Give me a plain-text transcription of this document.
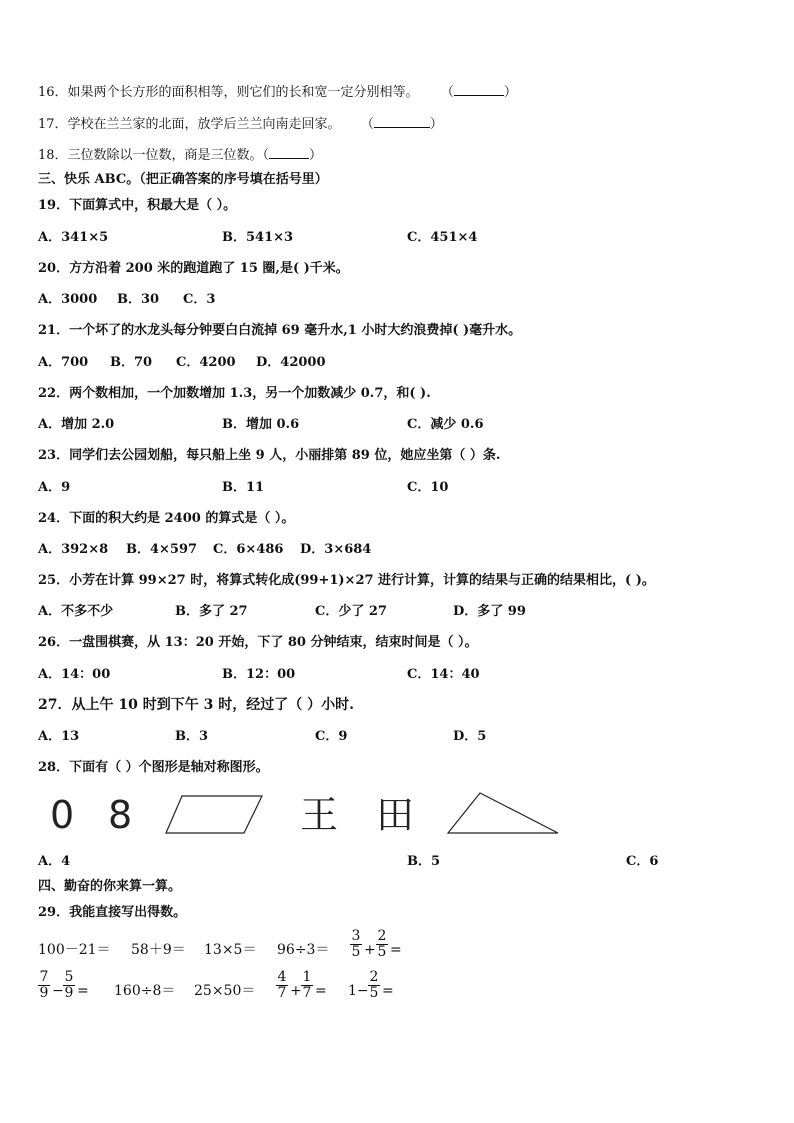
16．如果两个长方形的面积相等，则它们的长和宽一定分别相等。 （	）
17．学校在兰兰家的北面，放学后兰兰向南走回家。 （	）
18．三位数除以一位数，商是三位数。（	）
三、快乐 ABC。（把正确答案的序号填在括号里）
19．下面算式中，积最大是（ ）。
A．341×5	B．541×3	C．451×4
20．方方沿着 200 米的跑道跑了 15 圈,是( )千米。
A．3000 B．30 C．3
21．一个坏了的水龙头每分钟要白白流掉 69 毫升水,1 小时大约浪费掉( )毫升水。
A．700 B．70 C．4200 D．42000
22．两个数相加，一个加数增加 1.3，另一个加数减少 0.7，和( ).
A．增加 2.0	B．增加 0.6	C．减少 0.6
23．同学们去公园划船，每只船上坐 9 人，小丽排第 89 位，她应坐第（ ）条.
A．9	B．11	C．10
24．下面的积大约是 2400 的算式是（ ）。
A．392×8 B．4×597 C．6×486 D．3×684
25．小芳在计算 99×27 时，将算式转化成(99+1)×27 进行计算，计算的结果与正确的结果相比，( )。
A．不多不少	B．多了 27	C．少了 27	D．多了 99
26．一盘围棋赛，从 13：20 开始，下了 80 分钟结束，结束时间是（ ）。
A．14：00	B．12：00	C．14：40
27．从上午 10 时到下午 3 时，经过了（ ）小时.
A．13	B．3	C．9	D．5
28．下面有（ ）个图形是轴对称图形。
0 8	王 田
A．4	B．5	C．6
四、勤奋的你来算一算。
29．我能直接写出得数。
100－21＝ 58＋9＝ 13×5＝ 96÷3＝
3
5 +
2
5 =
7
9 −
5
9 = 160÷8＝ 25×50＝
4
7 +
1
7 = 1−
2
5 =
